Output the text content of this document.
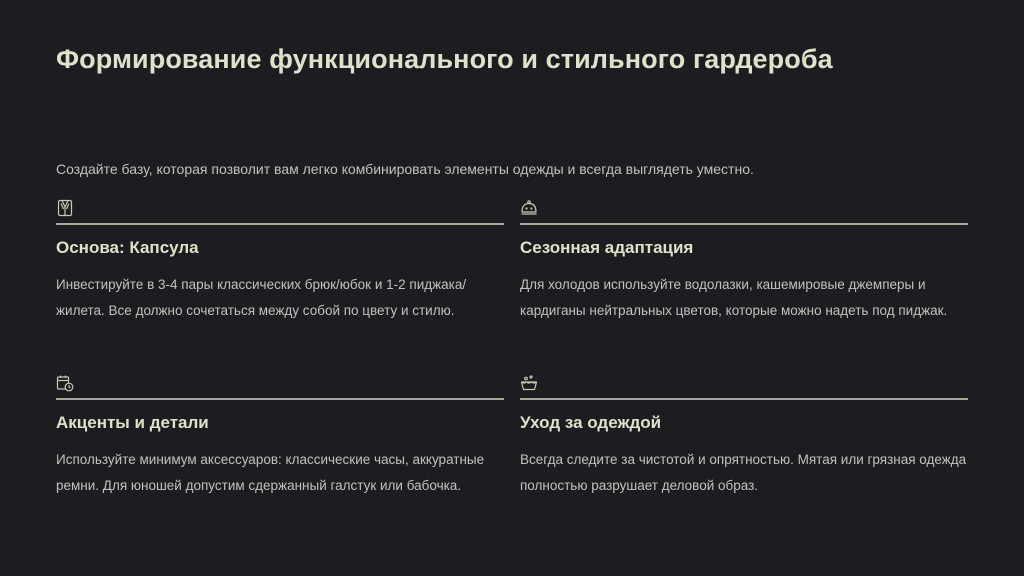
Формирование функционального и стильного гардероба

Создайте базу, которая позволит вам легко комбинировать элементы одежды и всегда выглядеть уместно.

Основа: Капсула

Инвестируйте в 3-4 пары классических брюк/юбок и 1-2 пиджака/жилета. Все должно сочетаться между собой по цвету и стилю.

Сезонная адаптация

Для холодов используйте водолазки, кашемировые джемперы и кардиганы нейтральных цветов, которые можно надеть под пиджак.

Акценты и детали

Используйте минимум аксессуаров: классические часы, аккуратные ремни. Для юношей допустим сдержанный галстук или бабочка.

Уход за одеждой

Всегда следите за чистотой и опрятностью. Мятая или грязная одежда полностью разрушает деловой образ.
